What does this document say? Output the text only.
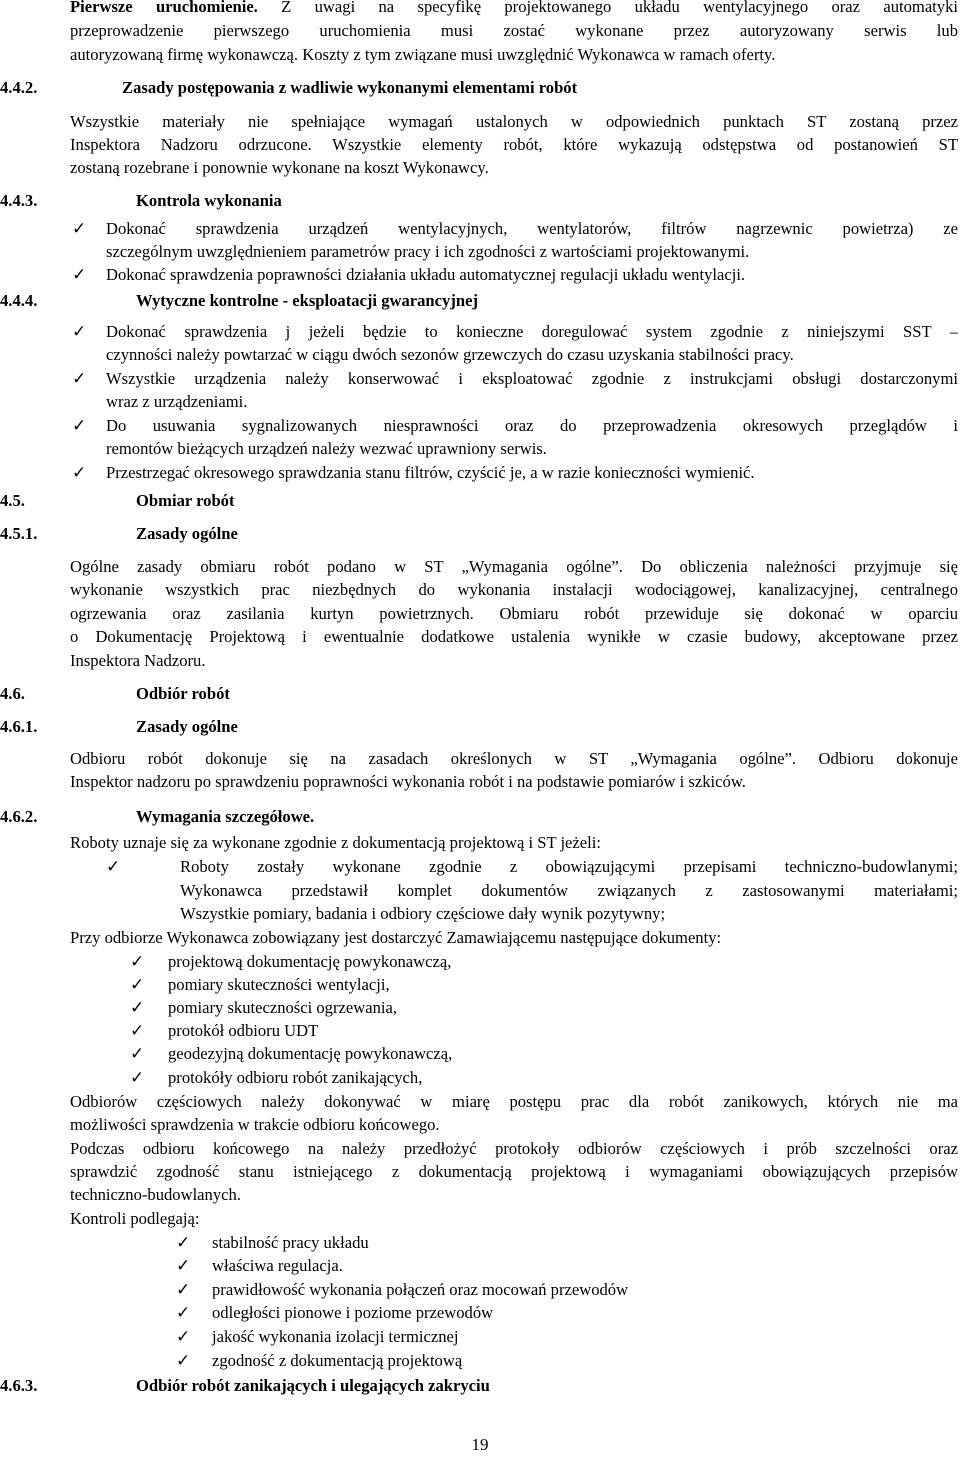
Pierwsze uruchomienie. Z uwagi na specyfikę projektowanego układu wentylacyjnego oraz automatyki
przeprowadzenie pierwszego uruchomienia musi zostać wykonane przez autoryzowany serwis lub
autoryzowaną firmę wykonawczą. Koszty z tym związane musi uwzględnić Wykonawca w ramach oferty.
4.4.2.	Zasady postępowania z wadliwie wykonanymi elementami robót
Wszystkie materiały nie spełniające wymagań ustalonych w odpowiednich punktach ST zostaną przez
Inspektora Nadzoru odrzucone. Wszystkie elementy robót, które wykazują odstępstwa od postanowień ST
zostaną rozebrane i ponownie wykonane na koszt Wykonawcy.
4.4.3.	Kontrola wykonania
✓ Dokonać sprawdzenia urządzeń wentylacyjnych, wentylatorów, filtrów nagrzewnic powietrza) ze
szczególnym uwzględnieniem parametrów pracy i ich zgodności z wartościami projektowanymi.
✓ Dokonać sprawdzenia poprawności działania układu automatycznej regulacji układu wentylacji.
4.4.4.	Wytyczne kontrolne - eksploatacji gwarancyjnej
✓ Dokonać sprawdzenia j jeżeli będzie to konieczne doregulować system zgodnie z niniejszymi SST –
czynności należy powtarzać w ciągu dwóch sezonów grzewczych do czasu uzyskania stabilności pracy.
✓ Wszystkie urządzenia należy konserwować i eksploatować zgodnie z instrukcjami obsługi dostarczonymi
wraz z urządzeniami.
✓ Do usuwania sygnalizowanych niesprawności oraz do przeprowadzenia okresowych przeglądów i
remontów bieżących urządzeń należy wezwać uprawniony serwis.
✓ Przestrzegać okresowego sprawdzania stanu filtrów, czyścić je, a w razie konieczności wymienić.
4.5.	Obmiar robót
4.5.1.	Zasady ogólne
Ogólne zasady obmiaru robót podano w ST „Wymagania ogólne”. Do obliczenia należności przyjmuje się
wykonanie wszystkich prac niezbędnych do wykonania instalacji wodociągowej, kanalizacyjnej, centralnego
ogrzewania oraz zasilania kurtyn powietrznych. Obmiaru robót przewiduje się dokonać w oparciu
o Dokumentację Projektową i ewentualnie dodatkowe ustalenia wynikłe w czasie budowy, akceptowane przez
Inspektora Nadzoru.
4.6.	Odbiór robót
4.6.1.	Zasady ogólne
Odbioru robót dokonuje się na zasadach określonych w ST „Wymagania ogólne”. Odbioru dokonuje
Inspektor nadzoru po sprawdzeniu poprawności wykonania robót i na podstawie pomiarów i szkiców.
4.6.2.	Wymagania szczegółowe.
Roboty uznaje się za wykonane zgodnie z dokumentacją projektową i ST jeżeli:
✓	Roboty zostały wykonane zgodnie z obowiązującymi przepisami techniczno-budowlanymi;
Wykonawca przedstawił komplet dokumentów związanych z zastosowanymi materiałami;
Wszystkie pomiary, badania i odbiory częściowe dały wynik pozytywny;
Przy odbiorze Wykonawca zobowiązany jest dostarczyć Zamawiającemu następujące dokumenty:
✓ projektową dokumentację powykonawczą,
✓ pomiary skuteczności wentylacji,
✓ pomiary skuteczności ogrzewania,
✓ protokół odbioru UDT
✓ geodezyjną dokumentację powykonawczą,
✓ protokóły odbioru robót zanikających,
Odbiorów częściowych należy dokonywać w miarę postępu prac dla robót zanikowych, których nie ma
możliwości sprawdzenia w trakcie odbioru końcowego.
Podczas odbioru końcowego na należy przedłożyć protokoły odbiorów częściowych i prób szczelności oraz
sprawdzić zgodność stanu istniejącego z dokumentacją projektową i wymaganiami obowiązujących przepisów
techniczno-budowlanych.
Kontroli podlegają:
✓ stabilność pracy układu
✓ właściwa regulacja.
✓ prawidłowość wykonania połączeń oraz mocowań przewodów
✓ odległości pionowe i poziome przewodów
✓ jakość wykonania izolacji termicznej
✓ zgodność z dokumentacją projektową
4.6.3.	Odbiór robót zanikających i ulegających zakryciu
19
